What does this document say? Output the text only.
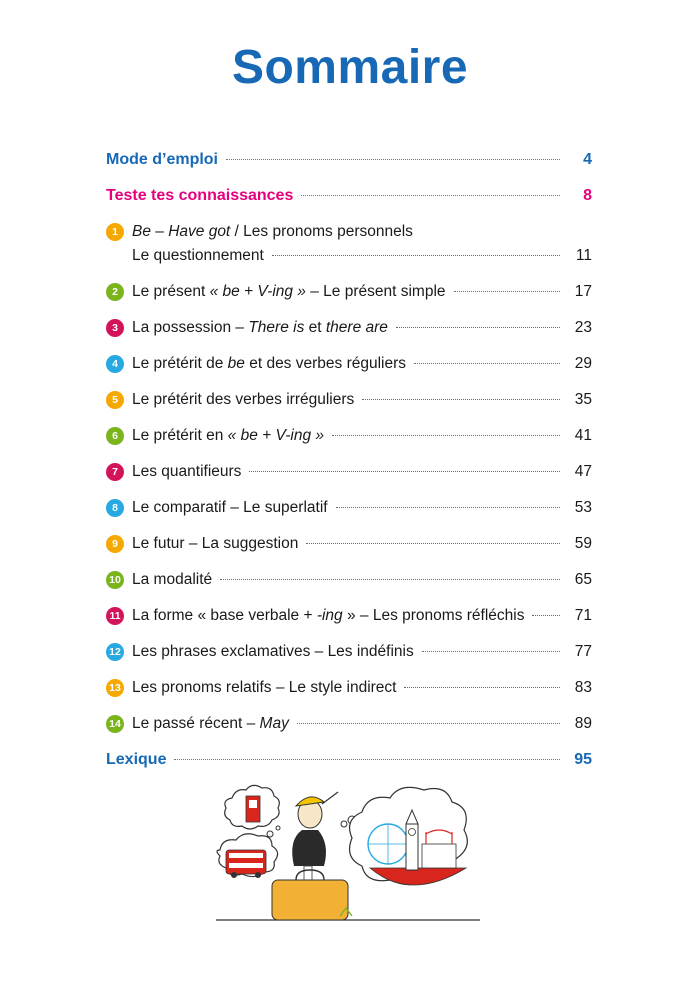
Sommaire
Mode d’emploi	4
Teste tes connaissances	8
1 Be – Have got / Les pronoms personnels
Le questionnement	11
2 Le présent « be + V-ing » – Le présent simple	17
3 La possession – There is et there are	23
4 Le prétérit de be et des verbes réguliers	29
5 Le prétérit des verbes irréguliers	35
6 Le prétérit en « be + V-ing »	41
7 Les quantifieurs	47
8 Le comparatif – Le superlatif	53
9 Le futur – La suggestion	59
10 La modalité	65
11 La forme « base verbale + -ing » – Les pronoms réfléchis	71
12 Les phrases exclamatives – Les indéfinis	77
13 Les pronoms relatifs – Le style indirect	83
14 Le passé récent – May	89
Lexique	95
